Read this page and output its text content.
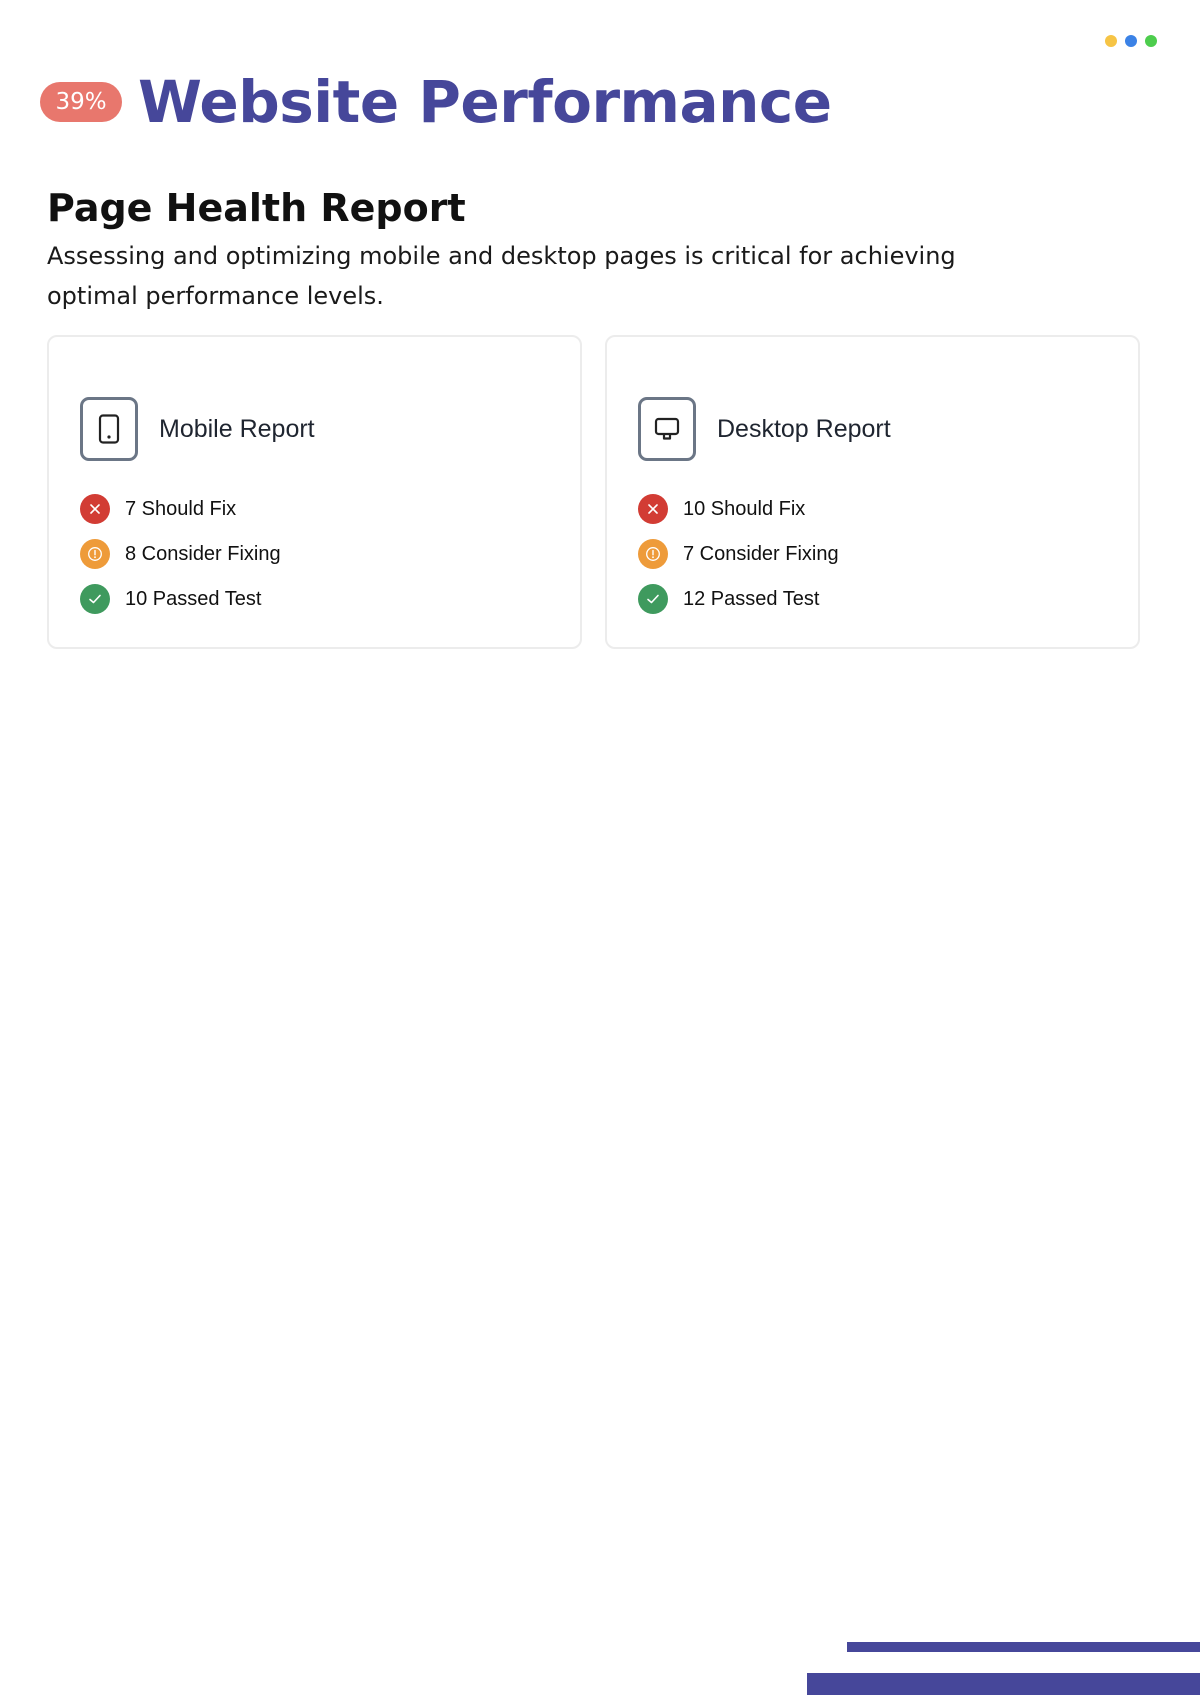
39% Website Performance
Page Health Report

Assessing and optimizing mobile and desktop pages is critical for achieving optimal performance levels.

Mobile Report
7 Should Fix
8 Consider Fixing
10 Passed Test
Desktop Report
10 Should Fix
7 Consider Fixing
12 Passed Test
